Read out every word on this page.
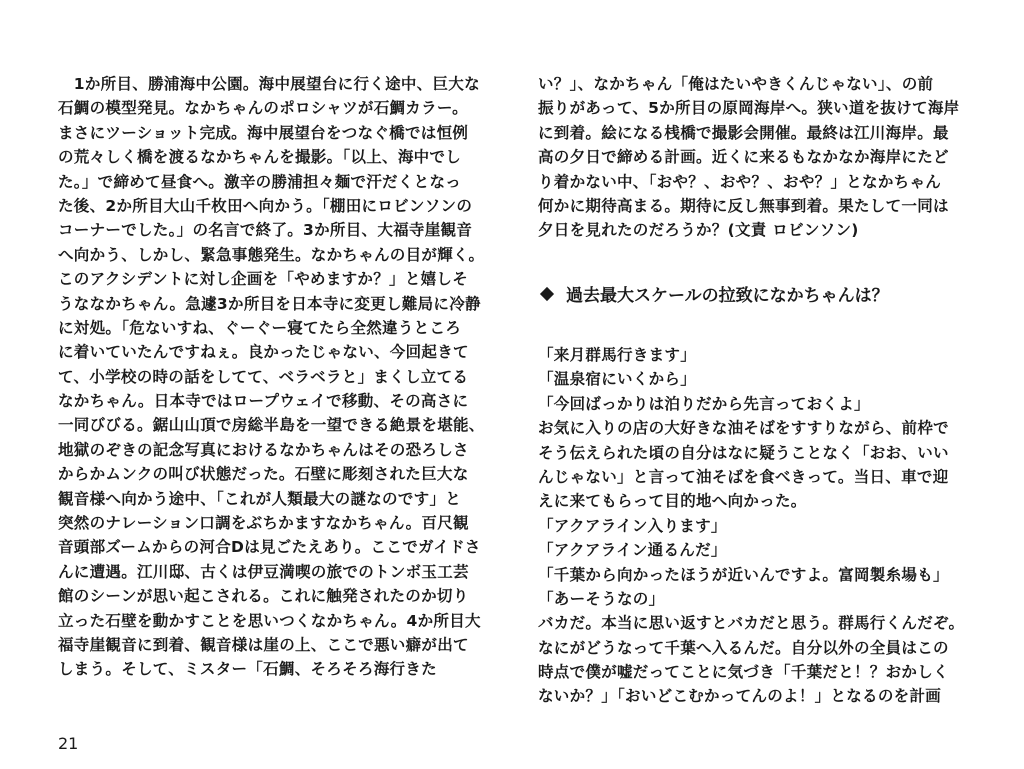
　1か所目、勝浦海中公園。海中展望台に行く途中、巨大な
石鯛の模型発見。なかちゃんのポロシャツが石鯛カラー。
まさにツーショット完成。海中展望台をつなぐ橋では恒例
の荒々しく橋を渡るなかちゃんを撮影。「以上、海中でし
た。」で締めて昼食へ。激辛の勝浦担々麺で汗だくとなっ
た後、2か所目大山千枚田へ向かう。「棚田にロビンソンの
コーナーでした。」の名言で終了。3か所目、大福寺崖観音
へ向かう、しかし、緊急事態発生。なかちゃんの目が輝く。
このアクシデントに対し企画を「やめますか？」と嬉しそ
うななかちゃん。急遽3か所目を日本寺に変更し難局に冷静
に対処。「危ないすね、ぐーぐー寝てたら全然違うところ
に着いていたんですねぇ。良かったじゃない、今回起きて
て、小学校の時の話をしてて、ベラベラと」まくし立てる
なかちゃん。日本寺ではロープウェイで移動、その高さに
一同びびる。鋸山山頂で房総半島を一望できる絶景を堪能、
地獄のぞきの記念写真におけるなかちゃんはその恐ろしさ
からかムンクの叫び状態だった。石壁に彫刻された巨大な
観音様へ向かう途中、「これが人類最大の謎なのです」と
突然のナレーション口調をぶちかますなかちゃん。百尺観
音頭部ズームからの河合Dは見ごたえあり。ここでガイドさ
んに遭遇。江川邸、古くは伊豆満喫の旅でのトンボ玉工芸
館のシーンが思い起こされる。これに触発されたのか切り
立った石壁を動かすことを思いつくなかちゃん。4か所目大
福寺崖観音に到着、観音様は崖の上、ここで悪い癖が出て
しまう。そして、ミスター「石鯛、そろそろ海行きた
い？」、なかちゃん「俺はたいやきくんじゃない」、の前
振りがあって、5か所目の原岡海岸へ。狭い道を抜けて海岸
に到着。絵になる桟橋で撮影会開催。最終は江川海岸。最
高の夕日で締める計画。近くに来るもなかなか海岸にたど
り着かない中、「おや？、おや？、おや？」となかちゃん
何かに期待高まる。期待に反し無事到着。果たして一同は
夕日を見れたのだろうか？(文責 ロビンソン)
過去最大スケールの拉致になかちゃんは？
「来月群馬行きます」
「温泉宿にいくから」
「今回ばっかりは泊りだから先言っておくよ」
お気に入りの店の大好きな油そばをすすりながら、前枠で
そう伝えられた頃の自分はなに疑うことなく「おお、いい
んじゃない」と言って油そばを食べきって。当日、車で迎
えに来てもらって目的地へ向かった。
「アクアライン入ります」
「アクアライン通るんだ」
「千葉から向かったほうが近いんですよ。富岡製糸場も」
「あーそうなの」
バカだ。本当に思い返すとバカだと思う。群馬行くんだぞ。
なにがどうなって千葉へ入るんだ。自分以外の全員はこの
時点で僕が嘘だってことに気づき「千葉だと！？おかしく
ないか？」「おいどこむかってんのよ！」となるのを計画
21
